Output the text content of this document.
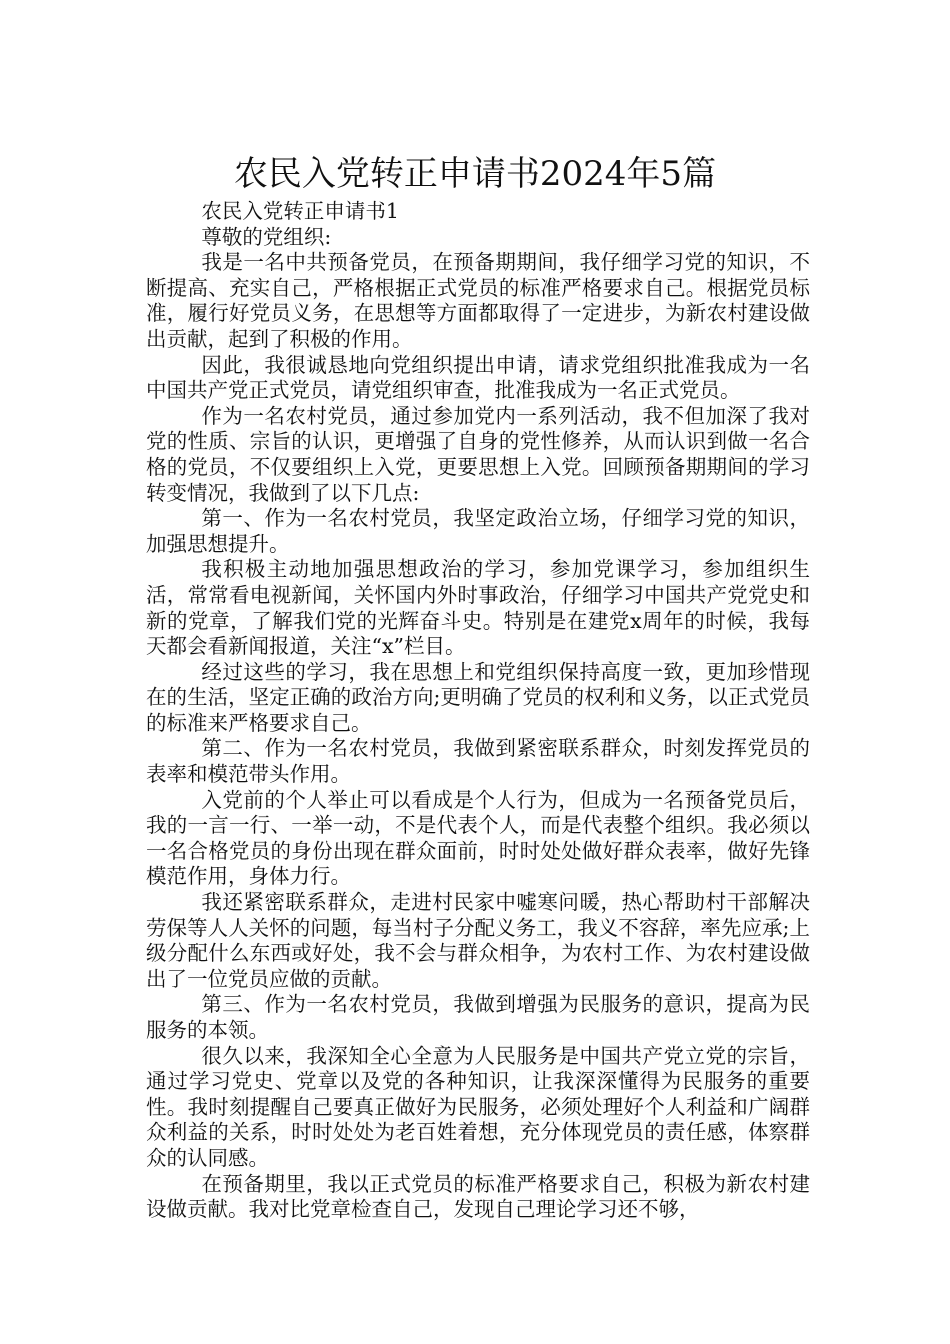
农民入党转正申请书2024年5篇

农民入党转正申请书1

尊敬的党组织:

我是一名中共预备党员，在预备期期间，我仔细学习党的知识，不断提高、充实自己，严格根据正式党员的标准严格要求自己。根据党员标准，履行好党员义务，在思想等方面都取得了一定进步，为新农村建设做出贡献，起到了积极的作用。

因此，我很诚恳地向党组织提出申请，请求党组织批准我成为一名中国共产党正式党员，请党组织审查，批准我成为一名正式党员。

作为一名农村党员，通过参加党内一系列活动，我不但加深了我对党的性质、宗旨的认识，更增强了自身的党性修养，从而认识到做一名合格的党员，不仅要组织上入党，更要思想上入党。回顾预备期期间的学习转变情况，我做到了以下几点:

第一、作为一名农村党员，我坚定政治立场，仔细学习党的知识，加强思想提升。

我积极主动地加强思想政治的学习，参加党课学习，参加组织生活，常常看电视新闻，关怀国内外时事政治，仔细学习中国共产党党史和新的党章，了解我们党的光辉奋斗史。特别是在建党x周年的时候，我每天都会看新闻报道，关注“x”栏目。

经过这些的学习，我在思想上和党组织保持高度一致，更加珍惜现在的生活，坚定正确的政治方向;更明确了党员的权利和义务，以正式党员的标准来严格要求自己。

第二、作为一名农村党员，我做到紧密联系群众，时刻发挥党员的表率和模范带头作用。

入党前的个人举止可以看成是个人行为，但成为一名预备党员后，我的一言一行、一举一动，不是代表个人，而是代表整个组织。我必须以一名合格党员的身份出现在群众面前，时时处处做好群众表率，做好先锋模范作用，身体力行。

我还紧密联系群众，走进村民家中嘘寒问暖，热心帮助村干部解决劳保等人人关怀的问题，每当村子分配义务工，我义不容辞，率先应承;上级分配什么东西或好处，我不会与群众相争，为农村工作、为农村建设做出了一位党员应做的贡献。

第三、作为一名农村党员，我做到增强为民服务的意识，提高为民服务的本领。

很久以来，我深知全心全意为人民服务是中国共产党立党的宗旨，通过学习党史、党章以及党的各种知识，让我深深懂得为民服务的重要性。我时刻提醒自己要真正做好为民服务，必须处理好个人利益和广阔群众利益的关系，时时处处为老百姓着想，充分体现党员的责任感，体察群众的认同感。

在预备期里，我以正式党员的标准严格要求自己，积极为新农村建设做贡献。我对比党章检查自己，发现自己理论学习还不够，
